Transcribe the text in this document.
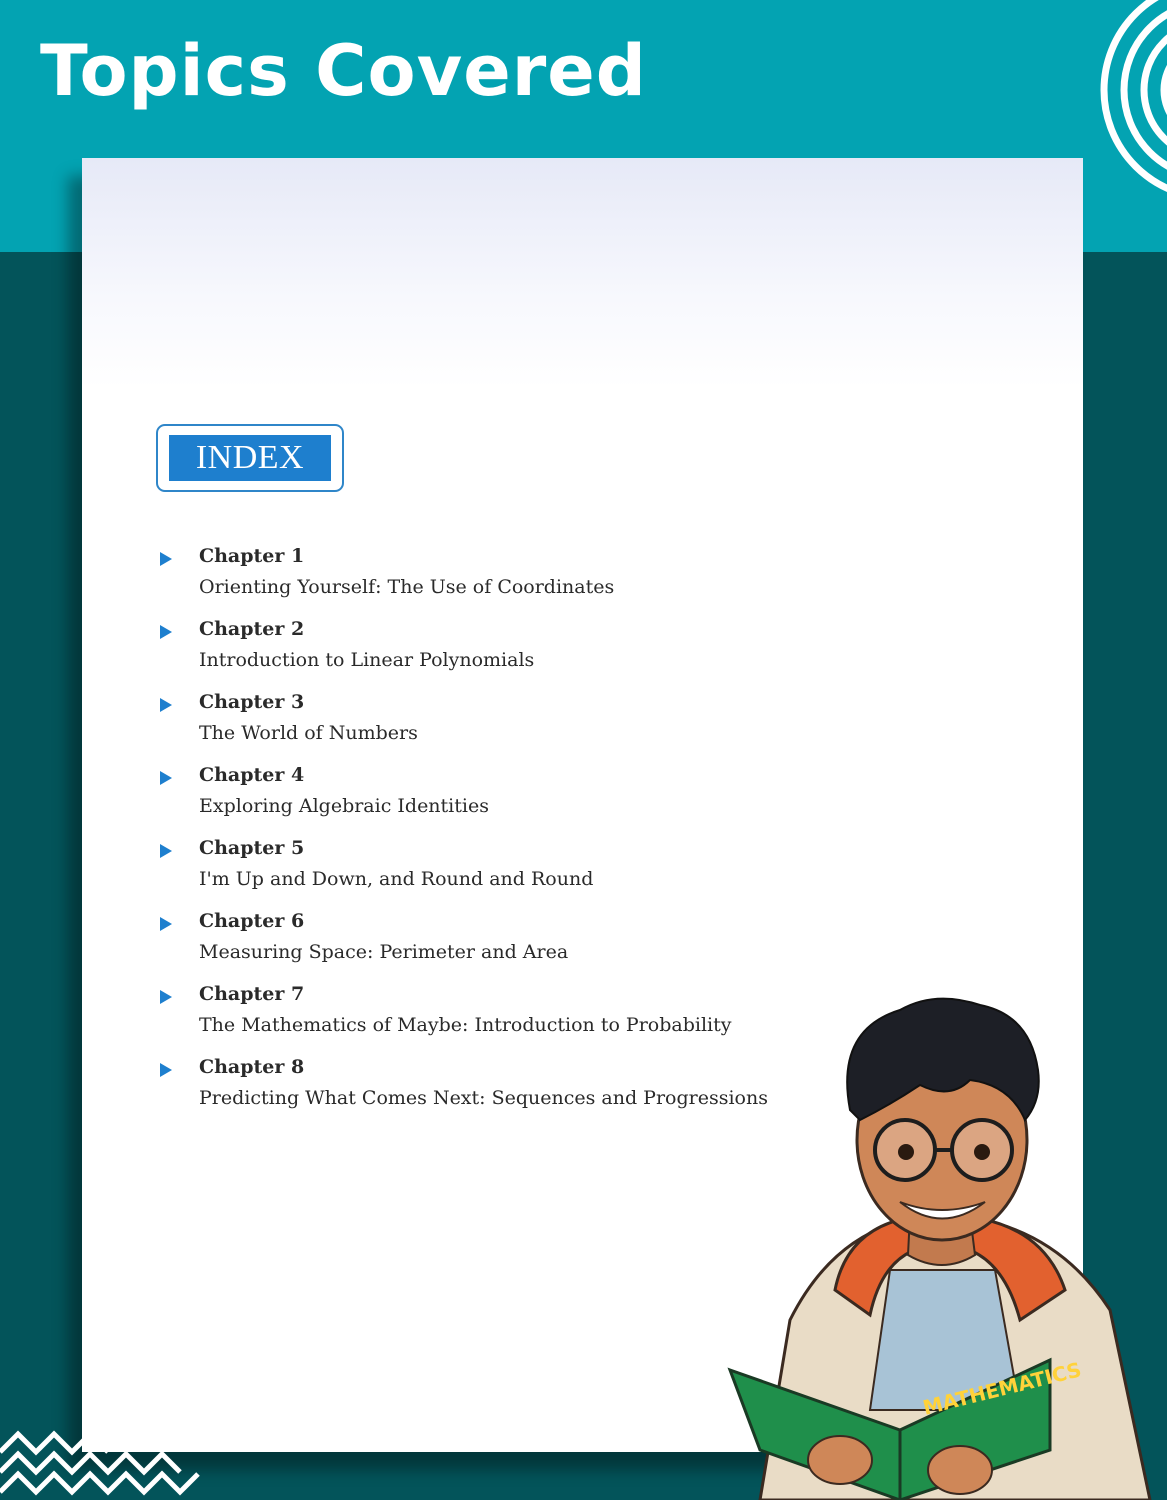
Topics Covered
INDEX
Chapter 1
Orienting Yourself: The Use of Coordinates
Chapter 2
Introduction to Linear Polynomials
Chapter 3
The World of Numbers
Chapter 4
Exploring Algebraic Identities
Chapter 5
I'm Up and Down, and Round and Round
Chapter 6
Measuring Space: Perimeter and Area
Chapter 7
The Mathematics of Maybe: Introduction to Probability
Chapter 8
Predicting What Comes Next: Sequences and Progressions
MATHEMATICS
